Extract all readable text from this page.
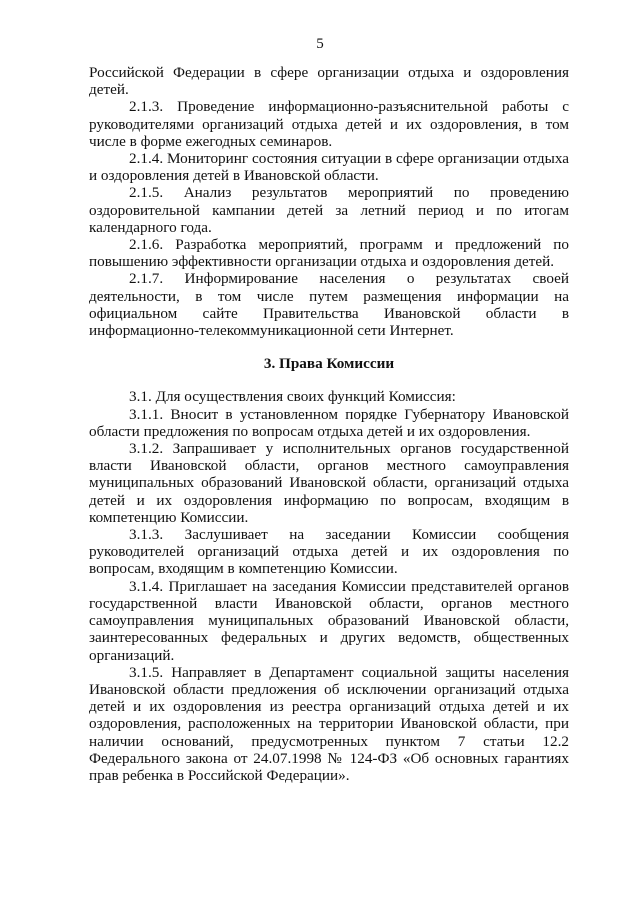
5

Российской Федерации в сфере организации отдыха и оздоровления детей.

2.1.3. Проведение информационно-разъяснительной работы с руководителями организаций отдыха детей и их оздоровления, в том числе в форме ежегодных семинаров.

2.1.4. Мониторинг состояния ситуации в сфере организации отдыха и оздоровления детей в Ивановской области.

2.1.5. Анализ результатов мероприятий по проведению оздоровительной кампании детей за летний период и по итогам календарного года.

2.1.6. Разработка мероприятий, программ и предложений по повышению эффективности организации отдыха и оздоровления детей.

2.1.7. Информирование населения о результатах своей деятельности, в том числе путем размещения информации на официальном сайте Правительства Ивановской области в информационно-телекоммуникационной сети Интернет.

3. Права Комиссии

3.1. Для осуществления своих функций Комиссия:

3.1.1. Вносит в установленном порядке Губернатору Ивановской области предложения по вопросам отдыха детей и их оздоровления.

3.1.2. Запрашивает у исполнительных органов государственной власти Ивановской области, органов местного самоуправления муниципальных образований Ивановской области, организаций отдыха детей и их оздоровления информацию по вопросам, входящим в компетенцию Комиссии.

3.1.3. Заслушивает на заседании Комиссии сообщения руководителей организаций отдыха детей и их оздоровления по вопросам, входящим в компетенцию Комиссии.

3.1.4. Приглашает на заседания Комиссии представителей органов государственной власти Ивановской области, органов местного самоуправления муниципальных образований Ивановской области, заинтересованных федеральных и других ведомств, общественных организаций.

3.1.5. Направляет в Департамент социальной защиты населения Ивановской области предложения об исключении организаций отдыха детей и их оздоровления из реестра организаций отдыха детей и их оздоровления, расположенных на территории Ивановской области, при наличии оснований, предусмотренных пунктом 7 статьи 12.2 Федерального закона от 24.07.1998 № 124-ФЗ «Об основных гарантиях прав ребенка в Российской Федерации».
